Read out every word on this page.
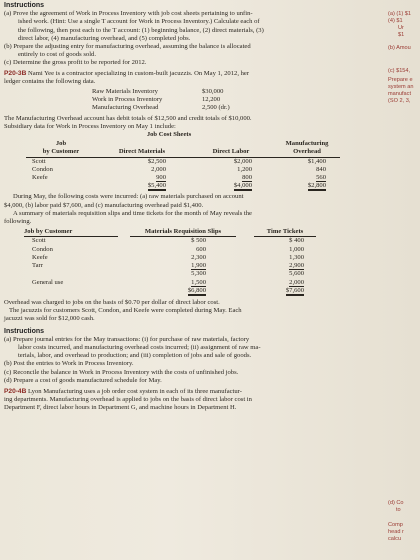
Instructions

(a) Prove the agreement of Work in Process Inventory with job cost sheets pertaining to unfin-
ished work. (Hint: Use a single T account for Work in Process Inventory.) Calculate each of
the following, then post each to the T account: (1) beginning balance, (2) direct materials, (3)
direct labor, (4) manufacturing overhead, and (5) completed jobs.

(b) Prepare the adjusting entry for manufacturing overhead, assuming the balance is allocated
entirely to cost of goods sold.

(c) Determine the gross profit to be reported for 2012.

P20-3B Nami Yee is a contractor specializing in custom-built jacuzzis. On May 1, 2012, her
ledger contains the following data.

Raw Materials Inventory	$30,000
Work in Process Inventory	12,200
Manufacturing Overhead	2,500 (dr.)

The Manufacturing Overhead account has debit totals of $12,500 and credit totals of $10,000.
Subsidiary data for Work in Process Inventory on May 1 include:

Job Cost Sheets
Job			Manufacturing
by Customer	Direct Materials	Direct Labor	Overhead
Scott	$2,500	$2,000	$1,400
Condon	2,000	1,200	840
Keefe	900	800	560
	$5,400	$4,000	$2,800

During May, the following costs were incurred: (a) raw materials purchased on account
$4,000, (b) labor paid $7,600, and (c) manufacturing overhead paid $1,400.

A summary of materials requisition slips and time tickets for the month of May reveals the
following.

Job by Customer		Materials Requisition Slips		Time Tickets
Scott		$ 500		$ 400
Condon		600		1,000
Keefe		2,300		1,300
Tarr		1,900		2,900
		5,300		5,600
General use		1,500		2,000
		$6,800		$7,600

Overhead was charged to jobs on the basis of $0.70 per dollar of direct labor cost.
The jacuzzis for customers Scott, Condon, and Keefe were completed during May. Each
jacuzzi was sold for $12,000 cash.

Instructions

(a) Prepare journal entries for the May transactions: (i) for purchase of raw materials, factory
labor costs incurred, and manufacturing overhead costs incurred; (ii) assignment of raw ma-
terials, labor, and overhead to production; and (iii) completion of jobs and sale of goods.

(b) Post the entries to Work in Process Inventory.

(c) Reconcile the balance in Work in Process Inventory with the costs of unfinished jobs.

(d) Prepare a cost of goods manufactured schedule for May.

P20-4B Lyon Manufacturing uses a job order cost system in each of its three manufactur-
ing departments. Manufacturing overhead is applied to jobs on the basis of direct labor cost in
Department F, direct labor hours in Department G, and machine hours in Department H.

(a) (1) $1
(4) $1
Ur
$1
(b) Amou
(c) $154,
Prepare e
system an
manufact
(SO 2, 3,
(d) Co
to
Comp
head r
calcu
